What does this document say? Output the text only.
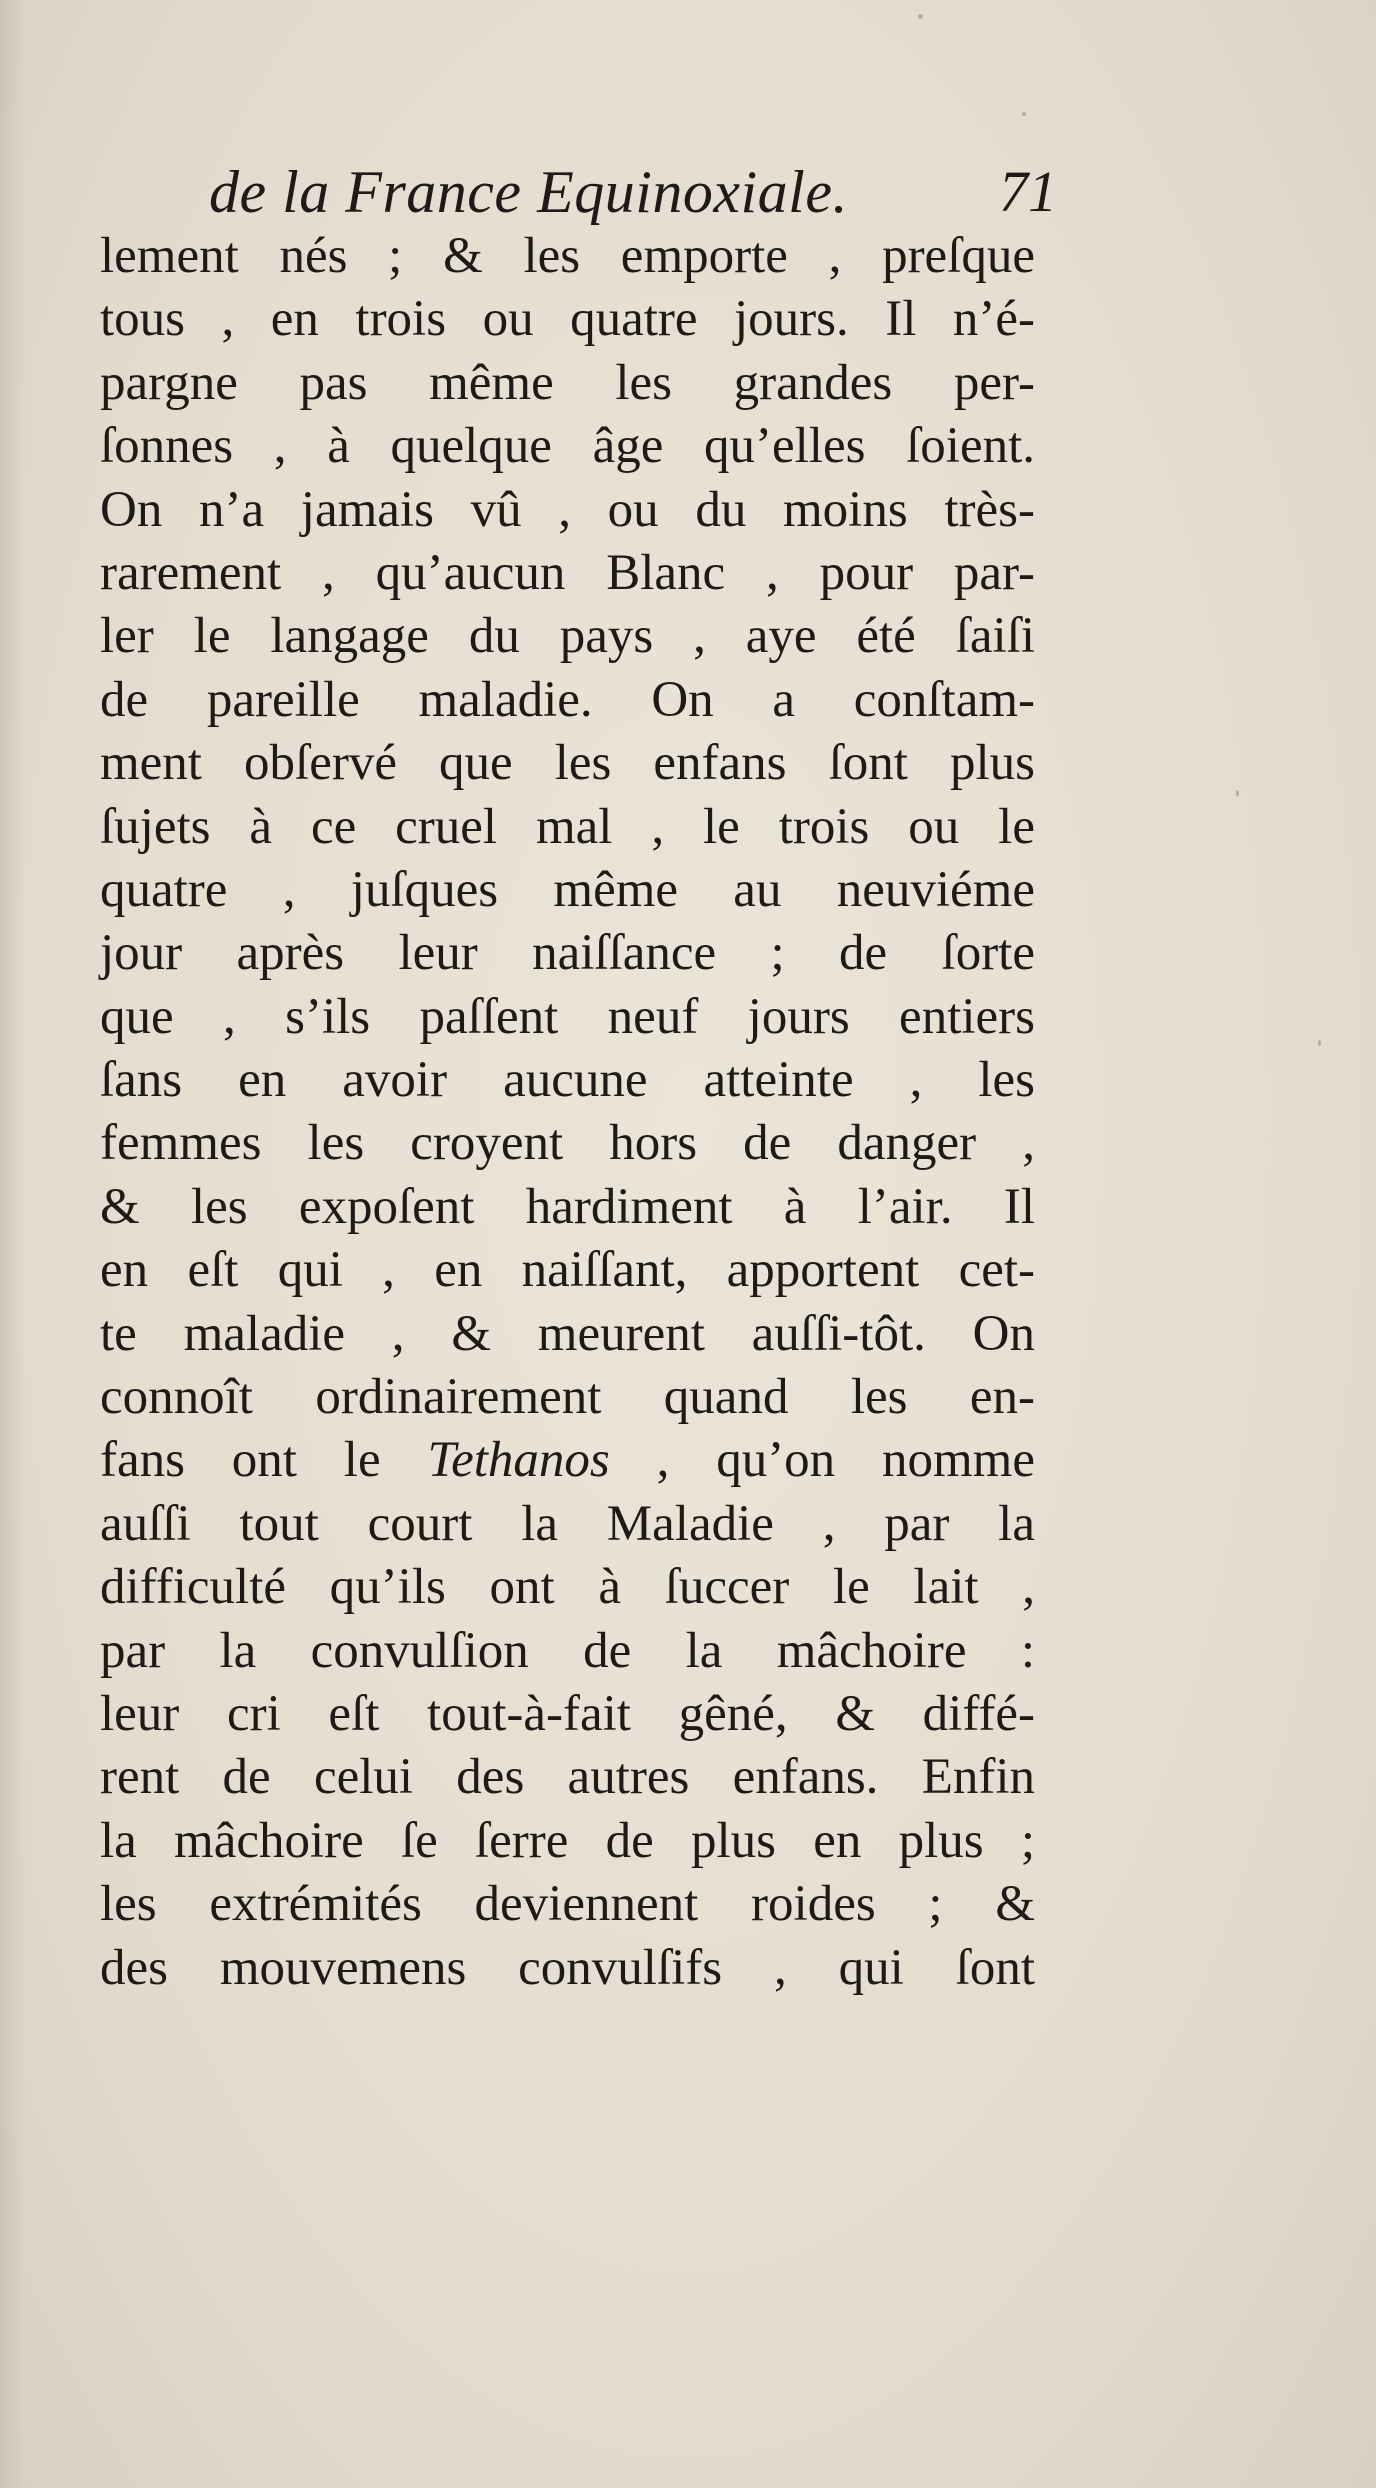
de la France Equinoxiale.	71
lement nés ; & les emporte , preſque
tous , en trois ou quatre jours. Il n’é-
pargne pas même les grandes per-
ſonnes , à quelque âge qu’elles ſoient.
On n’a jamais vû , ou du moins très-
rarement , qu’aucun Blanc , pour par-
ler le langage du pays , aye été ſaiſi
de pareille maladie. On a conſtam-
ment obſervé que les enfans ſont plus
ſujets à ce cruel mal , le trois ou le
quatre , juſques même au neuviéme
jour après leur naiſſance ; de ſorte
que , s’ils paſſent neuf jours entiers
ſans en avoir aucune atteinte , les
femmes les croyent hors de danger ,
& les expoſent hardiment à l’air. Il
en eſt qui , en naiſſant, apportent cet-
te maladie , & meurent auſſi-tôt. On
connoît ordinairement quand les en-
fans ont le Tethanos , qu’on nomme
auſſi tout court la Maladie , par la
difficulté qu’ils ont à ſuccer le lait ,
par la convulſion de la mâchoire :
leur cri eſt tout-à-fait gêné, & diffé-
rent de celui des autres enfans. Enfin
la mâchoire ſe ſerre de plus en plus ;
les extrémités deviennent roides ; &
des mouvemens convulſifs , qui ſont
